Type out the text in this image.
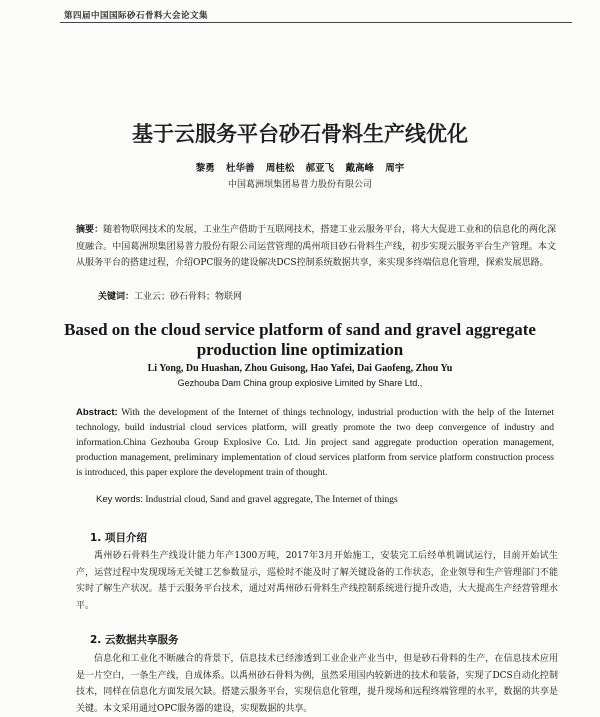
第四届中国国际砂石骨料大会论文集
基于云服务平台砂石骨料生产线优化
黎勇 杜华善 周桂松 郝亚飞 戴高峰 周宇
中国葛洲坝集团易普力股份有限公司
摘要：随着物联网技术的发展，工业生产借助于互联网技术，搭建工业云服务平台，将大大促进工业和的信息化的两化深度融合。中国葛洲坝集团易普力股份有限公司运营管理的禹州项目砂石骨料生产线，初步实现云服务平台生产管理。本文从服务平台的搭建过程，介绍OPC服务的建设解决DCS控制系统数据共享，来实现多终端信息化管理，探索发展思路。
关键词：工业云；砂石骨料；物联网
Based on the cloud service platform of sand and gravel aggregate production line optimization
Li Yong, Du Huashan, Zhou Guisong, Hao Yafei, Dai Gaofeng, Zhou Yu
Gezhouba Dam China group explosive Limited by Share Ltd.,
Abstract: With the development of the Internet of things technology, industrial production with the help of the Internet technology, build industrial cloud services platform, will greatly promote the two deep convergence of industry and information.China Gezhouba Group Explosive Co. Ltd. Jin project sand aggregate production operation management, production management, preliminary implementation of cloud services platform from service platform construction process is introduced, this paper explore the development train of thought.
Key words: Industrial cloud, Sand and gravel aggregate, The Internet of things
1. 项目介绍
禹州砂石骨料生产线设计能力年产1300万吨，2017年3月开始施工，安装完工后经单机调试运行，目前开始试生产，运营过程中发现现场无关键工艺参数显示，巡检时不能及时了解关键设备的工作状态，企业领导和生产管理部门不能实时了解生产状况。基于云服务平台技术，通过对禹州砂石骨料生产线控制系统进行提升改造，大大提高生产经营管理水平。
2. 云数据共享服务
信息化和工业化不断融合的背景下，信息技术已经渗透到工业企业产业当中，但是砂石骨料的生产，在信息技术应用是一片空白，一条生产线，自成体系。以禹州砂石骨料为例，虽然采用国内较新进的技术和装备，实现了DCS自动化控制技术，同样在信息化方面发展欠缺。搭建云服务平台，实现信息化管理，提升现场和远程终端管理的水平，数据的共享是关键。本文采用通过OPC服务器的建设，实现数据的共享。
